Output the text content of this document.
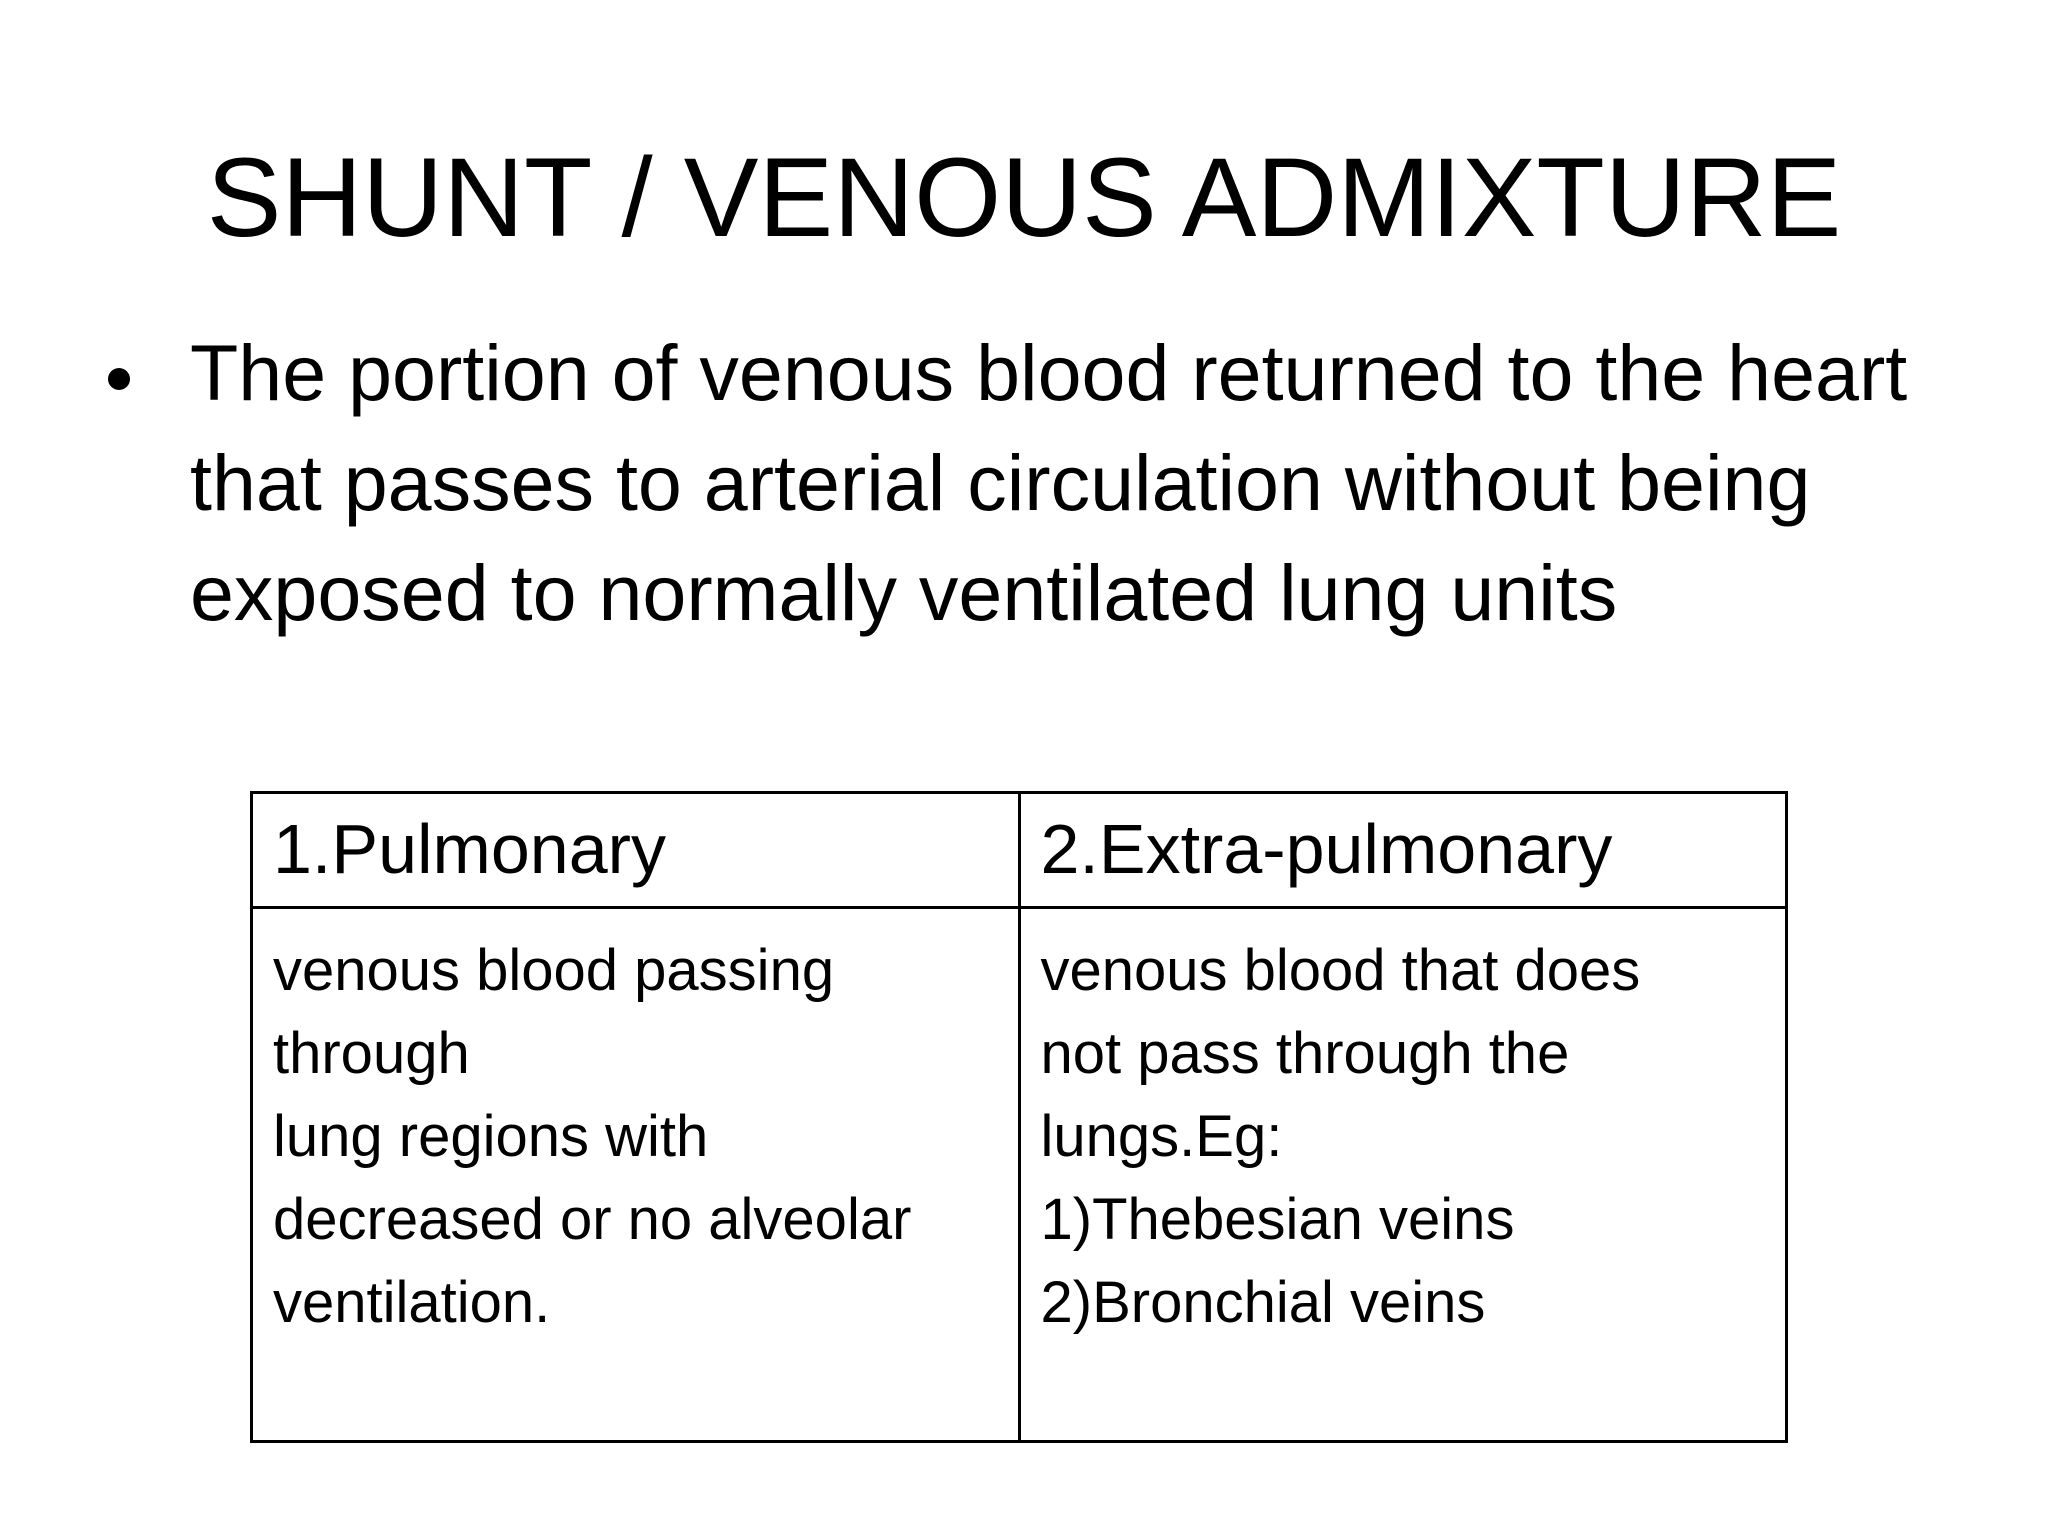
SHUNT / VENOUS ADMIXTURE

The portion of venous blood returned to the heart that passes to arterial circulation without being exposed to normally ventilated lung units

1.Pulmonary	2.Extra-pulmonary

venous blood passing
through
lung regions with
decreased or no alveolar
ventilation.	venous blood that does
not pass through the
lungs.Eg:
1)Thebesian veins
2)Bronchial veins
